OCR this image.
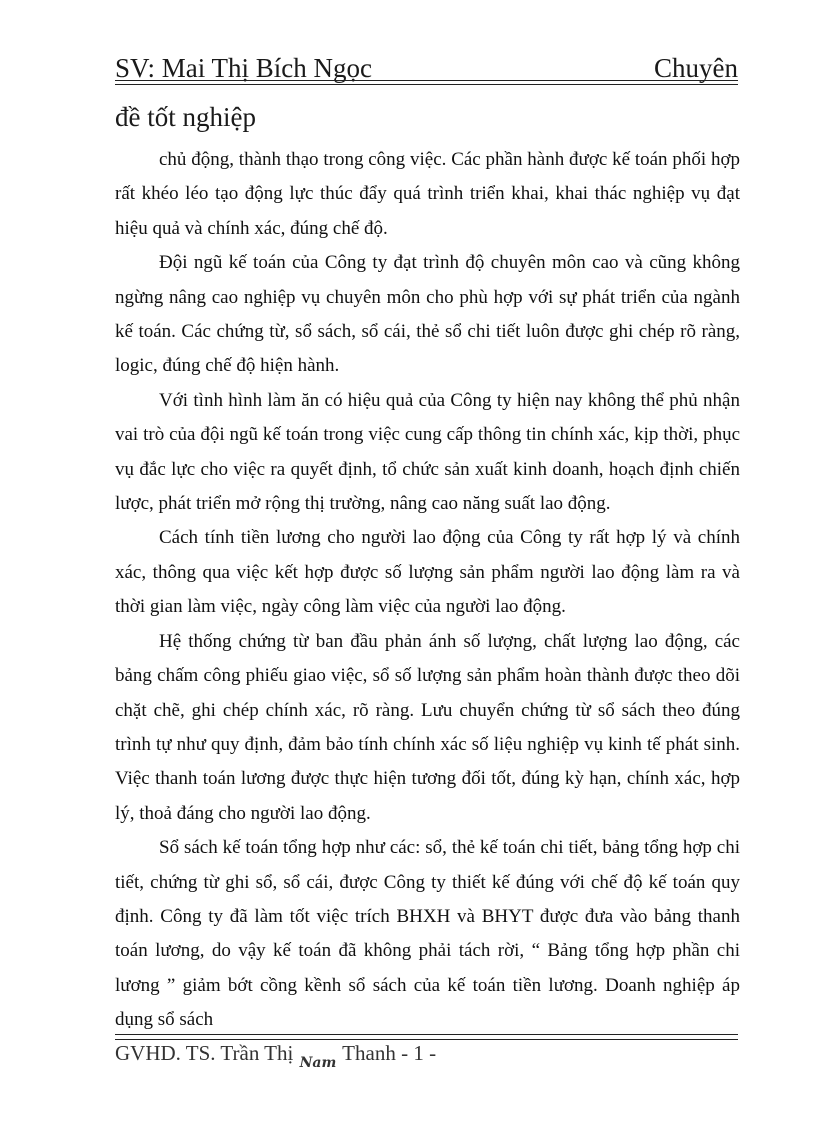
SV: Mai Thị Bích Ngọc	Chuyên
đề tốt nghiệp

chủ động, thành thạo trong công việc. Các phần hành được kế toán phối hợp rất khéo léo tạo động lực thúc đẩy quá trình triển khai, khai thác nghiệp vụ đạt hiệu quả và chính xác, đúng chế độ.

Đội ngũ kế toán của Công ty đạt trình độ chuyên môn cao và cũng không ngừng nâng cao nghiệp vụ chuyên môn cho phù hợp với sự phát triển của ngành kế toán. Các chứng từ, sổ sách, sổ cái, thẻ sổ chi tiết luôn được ghi chép rõ ràng, logic, đúng chế độ hiện hành.

Với tình hình làm ăn có hiệu quả của Công ty hiện nay không thể phủ nhận vai trò của đội ngũ kế toán trong việc cung cấp thông tin chính xác, kịp thời, phục vụ đắc lực cho việc ra quyết định, tổ chức sản xuất kinh doanh, hoạch định chiến lược, phát triển mở rộng thị trường, nâng cao năng suất lao động.

Cách tính tiền lương cho người lao động của Công ty rất hợp lý và chính xác, thông qua việc kết hợp được số lượng sản phẩm người lao động làm ra và thời gian làm việc, ngày công làm việc của người lao động.

Hệ thống chứng từ ban đầu phản ánh số lượng, chất lượng lao động, các bảng chấm công phiếu giao việc, sổ số lượng sản phẩm hoàn thành được theo dõi chặt chẽ, ghi chép chính xác, rõ ràng. Lưu chuyển chứng từ sổ sách theo đúng trình tự như quy định, đảm bảo tính chính xác số liệu nghiệp vụ kinh tế phát sinh. Việc thanh toán lương được thực hiện tương đối tốt, đúng kỳ hạn, chính xác, hợp lý, thoả đáng cho người lao động.

Sổ sách kế toán tổng hợp như các: sổ, thẻ kế toán chi tiết, bảng tổng hợp chi tiết, chứng từ ghi sổ, sổ cái, được Công ty thiết kế đúng với chế độ kế toán quy định. Công ty đã làm tốt việc trích BHXH và BHYT được đưa vào bảng thanh toán lương, do vậy kế toán đã không phải tách rời, “ Bảng tổng hợp phần chi lương ” giảm bớt cồng kềnh sổ sách của kế toán tiền lương. Doanh nghiệp áp dụng sổ sách

GVHD. TS. Trần Thị $_{Nam}$ Thanh - 1 -
